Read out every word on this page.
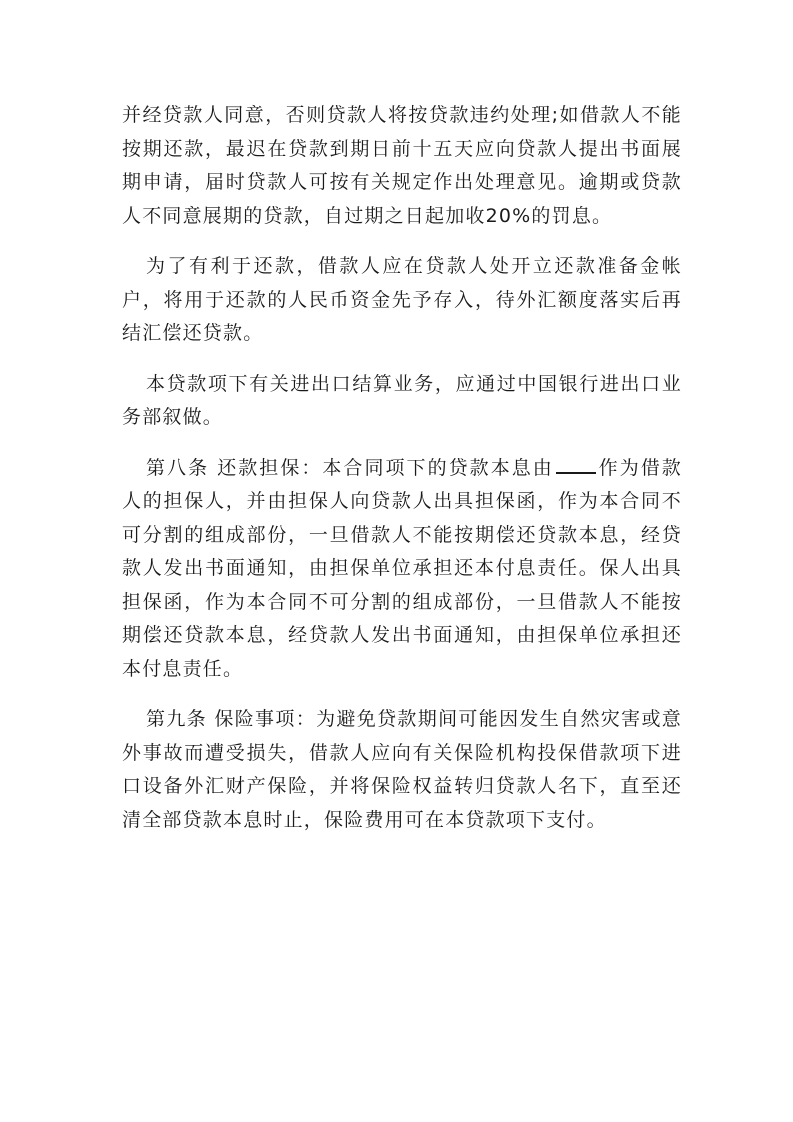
并经贷款人同意，否则贷款人将按贷款违约处理;如借款人不能按期还款，最迟在贷款到期日前十五天应向贷款人提出书面展期申请，届时贷款人可按有关规定作出处理意见。逾期或贷款人不同意展期的贷款，自过期之日起加收20%的罚息。

为了有利于还款，借款人应在贷款人处开立还款准备金帐户，将用于还款的人民币资金先予存入，待外汇额度落实后再结汇偿还贷款。

本贷款项下有关进出口结算业务，应通过中国银行进出口业务部叙做。

第八条 还款担保：本合同项下的贷款本息由 作为借款人的担保人，并由担保人向贷款人出具担保函，作为本合同不可分割的组成部份，一旦借款人不能按期偿还贷款本息，经贷款人发出书面通知，由担保单位承担还本付息责任。保人出具担保函，作为本合同不可分割的组成部份，一旦借款人不能按期偿还贷款本息，经贷款人发出书面通知，由担保单位承担还本付息责任。

第九条 保险事项：为避免贷款期间可能因发生自然灾害或意外事故而遭受损失，借款人应向有关保险机构投保借款项下进口设备外汇财产保险，并将保险权益转归贷款人名下，直至还清全部贷款本息时止，保险费用可在本贷款项下支付。
